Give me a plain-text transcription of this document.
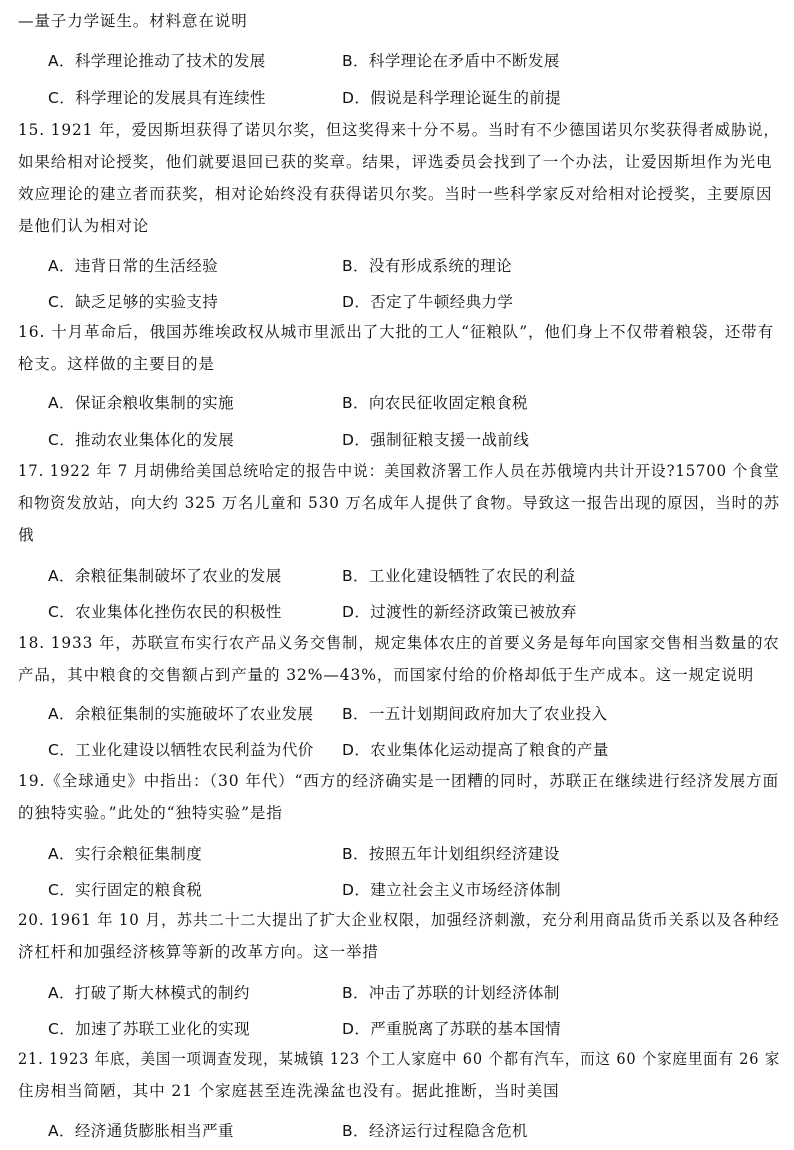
—量子力学诞生。材料意在说明
A．科学理论推动了技术的发展	B．科学理论在矛盾中不断发展
C．科学理论的发展具有连续性	D．假说是科学理论诞生的前提
15. 1921 年，爱因斯坦获得了诺贝尔奖，但这奖得来十分不易。当时有不少德国诺贝尔奖获得者威胁说，
如果给相对论授奖，他们就要退回已获的奖章。结果，评选委员会找到了一个办法，让爱因斯坦作为光电
效应理论的建立者而获奖，相对论始终没有获得诺贝尔奖。当时一些科学家反对给相对论授奖，主要原因
是他们认为相对论
A．违背日常的生活经验	B．没有形成系统的理论
C．缺乏足够的实验支持	D．否定了牛顿经典力学
16. 十月革命后，俄国苏维埃政权从城市里派出了大批的工人“征粮队”，他们身上不仅带着粮袋，还带有
枪支。这样做的主要目的是
A．保证余粮收集制的实施	B．向农民征收固定粮食税
C．推动农业集体化的发展	D．强制征粮支援一战前线
17. 1922 年 7 月胡佛给美国总统哈定的报告中说：美国救济署工作人员在苏俄境内共计开设?15700 个食堂
和物资发放站，向大约 325 万名儿童和 530 万名成年人提供了食物。导致这一报告出现的原因，当时的苏
俄
A．余粮征集制破坏了农业的发展	B．工业化建设牺牲了农民的利益
C．农业集体化挫伤农民的积极性	D．过渡性的新经济政策已被放弃
18. 1933 年，苏联宣布实行农产品义务交售制，规定集体农庄的首要义务是每年向国家交售相当数量的农
产品，其中粮食的交售额占到产量的 32%—43%，而国家付给的价格却低于生产成本。这一规定说明
A．余粮征集制的实施破坏了农业发展 B．一五计划期间政府加大了农业投入
C．工业化建设以牺牲农民利益为代价 D．农业集体化运动提高了粮食的产量
19.《全球通史》中指出：（30 年代）“西方的经济确实是一团糟的同时，苏联正在继续进行经济发展方面
的独特实验。”此处的“独特实验”是指
A．实行余粮征集制度	B．按照五年计划组织经济建设
C．实行固定的粮食税	D．建立社会主义市场经济体制
20. 1961 年 10 月，苏共二十二大提出了扩大企业权限，加强经济刺激，充分利用商品货币关系以及各种经
济杠杆和加强经济核算等新的改革方向。这一举措
A．打破了斯大林模式的制约	B．冲击了苏联的计划经济体制
C．加速了苏联工业化的实现	D．严重脱离了苏联的基本国情
21. 1923 年底，美国一项调查发现，某城镇 123 个工人家庭中 60 个都有汽车，而这 60 个家庭里面有 26 家
住房相当简陋，其中 21 个家庭甚至连洗澡盆也没有。据此推断，当时美国
A．经济通货膨胀相当严重	B．经济运行过程隐含危机
